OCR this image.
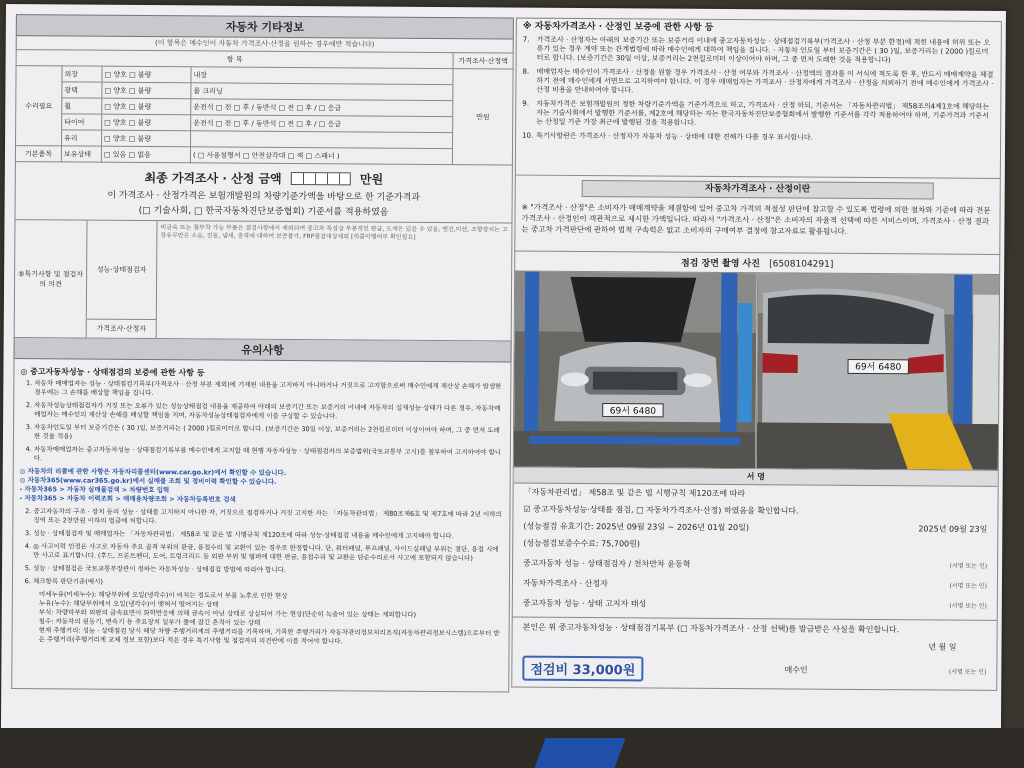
자동차 기타정보
(이 항목은 매수인이 자동차 가격조사·산정을 원하는 경우에만 적습니다)
항 목				가격조사·산정액
수리필요	외장	□ 양호 □ 불량	내장	만원
	광택	□ 양호 □ 불량	룸 크리닝	
	휠	□ 양호 □ 불량	운전석 □ 전 □ 후 / 동반석 □ 전 □ 후 / □ 응급	
	타이어	□ 양호 □ 불량	운전석 □ 전 □ 후 / 동반석 □ 전 □ 후 / □ 응급	
	유리	□ 양호 □ 불량		
기본품목	보유상태	□ 있음 □ 없음	( □ 사용설명서 □ 안전삼각대 □ 잭 □ 스패너 )	
최종 가격조사 · 산정 금액	만원

이 가격조사 · 산정가격은 보험개발원의 차량기준가액을 바탕으로 한 기준가격과

(□ 기술사회, □ 한국자동차진단보증협회) 기준서를 적용하였음

⑤특기사항 및 점검자의 의견
성능·상태점검자
가격조사·산정자
비금속 또는 철부착 가능 부품은 점검사항에서 제외되며 중고차 특성상 부분적인 판금, 도색은 있을 수 있음, 엔진,미션, 조향장치는 고장유무만은 소음, 진동, 냄새, 충격에 대하여 보증불가, FRP점검대상제외 [리콜이행여부 확인필요]
유의사항
◎ 중고자동차성능 · 상태점검의 보증에 관한 사항 등
1. 자동차 매매업자는 성능 · 상태점검기록부(가격조사 · 산정 부분 제외)에 기재된 내용을 고지하지 아니하거나 거짓으로 고지함으로써 매수인에게 재산상 손해가 발생한 경우에는 그 손해를 배상할 책임을 집니다.
2. 자동차성능상태점검자가 거짓 또는 오류가 있는 성능상태점검 내용을 제공하여 아래의 보증기간 또는 보증거리 이내에 자동차의 실제성능·상태가 다른 경우, 자동차매매업자는 매수인의 재산상 손해를 배상할 책임을 지며, 자동차성능상태점검자에게 이를 구상할 수 있습니다.
3. 자동차인도일 부터 보증기간은 ( 30 )일, 보증거리는 ( 2000 )킬로미터로 합니다. (보증기간은 30일 이상, 보증거리는 2천킬로미터 이상이어야 하며, 그 중 먼저 도래한 것을 적용)
4. 자동차매매업자는 중고자동차성능 · 상태점검기록부를 매수인에게 고지할 때 현행 자동차성능 · 상태점검자의 보증범위(국토교통부 고시)를 첨부하여 고지하여야 합니다.
◎ 자동차의 리콜에 관한 사항은 자동차리콜센터(www.car.go.kr)에서 확인할 수 있습니다.
◎ 자동차365(www.car365.go.kr)에서 실매물 조회 및 정비이력 확인할 수 있습니다.
- 자동차365 > 자동차 실매물검색 > 차량번호 입력
- 자동차365 > 자동차 이력조회 > 매매용차량조회 > 자동차등록번호 검색
2. 중고자동차의 구조 · 장치 등의 성능 · 상태를 고지하지 아니한 자, 거짓으로 점검하거나 거짓 고지한 자는 「자동차관리법」 제80조제6호 및 제7호에 따라 2년 이하의 징역 또는 2천만원 이하의 벌금에 처합니다.
3. 성능 · 상태점검자 및 매매업자는 「자동차관리법」 제58조 및 같은 법 시행규칙 제120조에 따라 성능·상태점검 내용을 매수인에게 고지해야 합니다.
4. ◎ 사고이력 인정은 사고로 자동차 주요 골격 부위의 판금, 용접수리 및 교환이 있는 경우로 한정합니다. 단, 쿼터패널, 루프패널, 사이드실패널 부위는 절단, 용접 시에만 사고로 표기합니다. (후드, 프론트펜더, 도어, 트렁크리드 등 외판 부위 및 범퍼에 대한 판금, 용접수리 및 교환은 단순수리로서 사고에 포함되지 않습니다)
5. 성능 · 상태점검은 국토교통부장관이 정하는 자동차성능 · 상태점검 방법에 따라야 합니다.
6. 체크항목 판단기준(예시)
미세누유(미세누수): 해당부위에 오일(냉각수)이 비치는 정도로서 부품 노후로 인한 현상
누유(누수): 해당부위에서 오일(냉각수)이 맺혀서 떨어지는 상태
부식: 차량하부와 외판의 금속표면이 화학반응에 의해 금속이 아닌 상태로 상실되어 가는 현상(단순히 녹슬어 있는 상태는 제외합니다)
침수: 자동차의 원동기, 변속기 등 주요장치 일부가 물에 잠긴 흔적이 있는 상태
현재 주행거리: 성능 · 상태점검 당시 해당 차량 주행거리계의 주행거리를 기록하며, 기록한 주행거리가 자동차관리정보처리조직(자동차관리정보시스템)으로부터 받은 주행거리(주행거리계 교체 정보 포함)보다 적은 경우 특기사항 및 점검자의 의견란에 이를 적어야 합니다.
※ 자동차가격조사 · 산정인 보증에 관한 사항 등
7.	가격조사 · 산정자는 아래의 보증기간 또는 보증거리 이내에 중고자동차성능 · 상태점검기록부(가격조사 · 산정 부분 한정)에 적힌 내용에 허위 또는 오류가 있는 경우 계약 또는 관계법령에 따라 매수인에게 대하여 책임을 집니다. · 자동차 인도일 부터 보증기간은 ( 30 )일, 보증거리는 ( 2000 )킬로미터로 합니다. (보증기간은 30일 이상, 보증거리는 2천킬로미터 이상이어야 하며, 그 중 먼저 도래한 것을 적용합니다)
8.	매매업자는 매수인이 가격조사 · 산정을 원할 경우 가격조사 · 산정 여부와 가격조사 · 산정액의 결과를 이 서식에 적도록 한 후, 반드시 매매계약을 체결하기 전에 매수인에게 서면으로 고지하여야 합니다. 이 경우 매매업자는 가격조사 · 산정자에게 가격조사 · 산정을 의뢰하기 전에 매수인에게 가격조사 · 산정 비용을 안내하여야 합니다.
9.	자동차가격은 보험개발원의 정한 차량기준가액을 기준가격으로 하고, 가격조사 · 산정 하되, 기준서는 「자동차관리법」 제58조의4제1호에 해당하는 자는 기술사회에서 발행한 기준서를, 제2호에 해당하는 자는 한국자동차진단보증협회에서 발행한 기준서를 각각 적용하여야 하며, 기준가격과 기준서는 산정일 기준 가장 최근에 발행된 것을 적용합니다.
10. 특기사항란은 가격조사 · 산정자가 자동차 성능 · 상태에 대한 견해가 다를 경우 표시합니다.
자동차가격조사 · 산정이란
※ "가격조사 · 산정"은 소비자가 매매계약을 체결함에 있어 중고차 가격의 적절성 판단에 참고할 수 있도록 법령에 의한 절차와 기준에 따라 전문 가격조사 · 산정인이 객관적으로 제시한 가액입니다. 따라서 "가격조사 · 산정"은 소비자의 자율적 선택에 따른 서비스이며, 가격조사 · 산정 결과는 중고차 가격판단에 관하여 법적 구속력은 없고 소비자의 구매여부 결정에 참고자료로 활용됩니다.
점검 장면 촬영 사진 [6508104291]
69서 6480
69서 6480
서 명
「자동차관리법」 제58조 및 같은 법 시행규칙 제120조에 따라
☑ 중고자동차성능·상태를 점검, □ 자동차가격조사·산정) 하였음을 확인합니다.
(성능점검 유효기간: 2025년 09월 23일 ~ 2026년 01월 20일)	2025년 09월 23일
(성능점검보증수수료: 75,700원)
중고자동차 성능 · 상태점검자 / 천차만차 윤동혁	(서명 또는 인)
자동차가격조사 · 산정자	(서명 또는 인)
중고자동차 성능 · 상태 고지자 태성	(서명 또는 인)
본인은 위 중고자동차성능 · 상태점검기록부 (□ 자동차가격조사 · 산정 선택)를 발급받은 사실을 확인합니다.
년 월 일
점검비 33,000원	매수인	(서명 또는 인)
